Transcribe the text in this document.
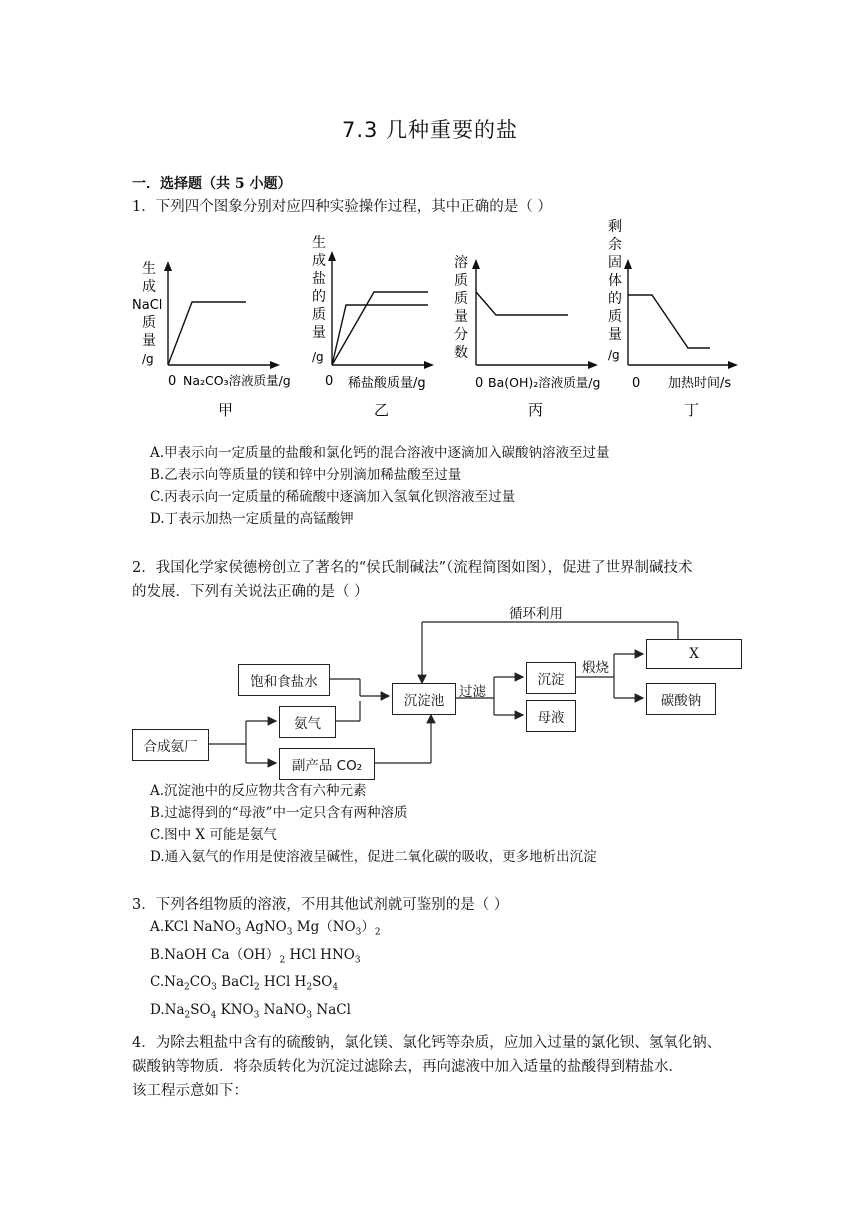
7.3 几种重要的盐
一．选择题（共 5 小题）
1．下列四个图象分别对应四种实验操作过程，其中正确的是（ ）
生
成
NaCl
质
量
/g
0 Na₂CO₃溶液质量/g
甲
生
成
盐
的
质
量
/g
0 稀盐酸质量/g
乙
溶
质
质
量
分
数
0 Ba(OH)₂溶液质量/g
丙
剩
余
固
体
的
质
量
/g
0 加热时间/s
丁
A.甲表示向一定质量的盐酸和氯化钙的混合溶液中逐滴加入碳酸钠溶液至过量
B.乙表示向等质量的镁和锌中分别滴加稀盐酸至过量
C.丙表示向一定质量的稀硫酸中逐滴加入氢氧化钡溶液至过量
D.丁表示加热一定质量的高锰酸钾
2．我国化学家侯德榜创立了著名的“侯氏制碱法”（流程简图如图），促进了世界制碱技术
的发展．下列有关说法正确的是（ ）
循环利用
饱和食盐水
氨气
合成氨厂
副产品 CO₂
沉淀池
过滤
沉淀
母液
煅烧
X
碳酸钠
A.沉淀池中的反应物共含有六种元素
B.过滤得到的“母液”中一定只含有两种溶质
C.图中 X 可能是氨气
D.通入氨气的作用是使溶液呈碱性，促进二氧化碳的吸收，更多地析出沉淀
3．下列各组物质的溶液，不用其他试剂就可鉴别的是（ ）
A.KCl NaNO$_3$ AgNO$_3$ $Mg(NO_3)_2$
B.NaOH $Ca(OH)_2$ HCl $HNO_3$
$C.Na_2CO_3$ BaCl$_2$ HCl $H_2SO_4$
$D.Na_2SO_4$ $KNO_3$ NaNO$_3$ NaCl
4．为除去粗盐中含有的硫酸钠，氯化镁、氯化钙等杂质，应加入过量的氯化钡、氢氧化钠、
碳酸钠等物质．将杂质转化为沉淀过滤除去，再向滤液中加入适量的盐酸得到精盐水．
该工程示意如下：
